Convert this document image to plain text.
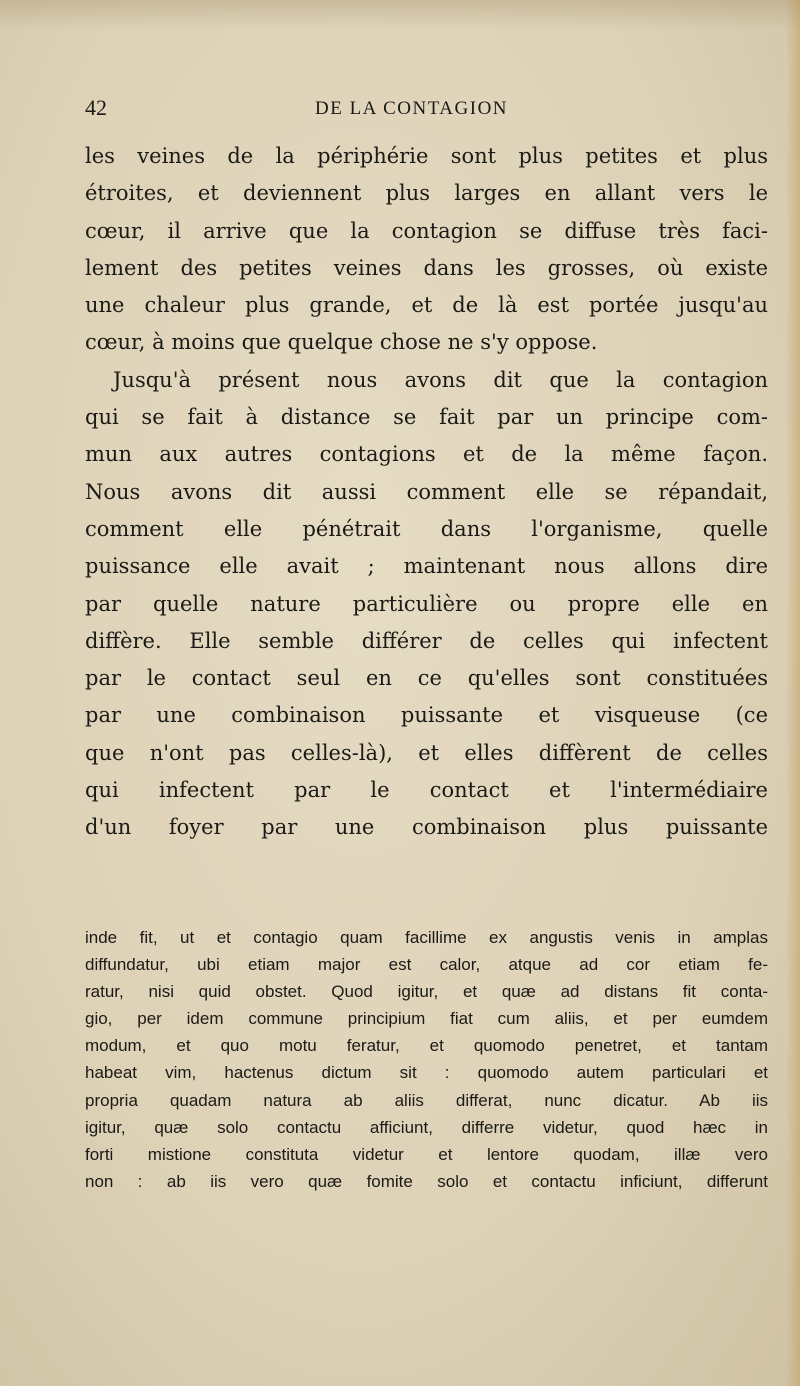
42	DE LA CONTAGION
les veines de la périphérie sont plus petites et plus
étroites, et deviennent plus larges en allant vers le
cœur, il arrive que la contagion se diffuse très faci-
lement des petites veines dans les grosses, où existe
une chaleur plus grande, et de là est portée jusqu'au
cœur, à moins que quelque chose ne s'y oppose.
Jusqu'à présent nous avons dit que la contagion
qui se fait à distance se fait par un principe com-
mun aux autres contagions et de la même façon.
Nous avons dit aussi comment elle se répandait,
comment elle pénétrait dans l'organisme, quelle
puissance elle avait ; maintenant nous allons dire
par quelle nature particulière ou propre elle en
diffère. Elle semble différer de celles qui infectent
par le contact seul en ce qu'elles sont constituées
par une combinaison puissante et visqueuse (ce
que n'ont pas celles-là), et elles diffèrent de celles
qui infectent par le contact et l'intermédiaire
d'un foyer par une combinaison plus puissante
inde fit, ut et contagio quam facillime ex angustis venis in amplas
diffundatur, ubi etiam major est calor, atque ad cor etiam fe-
ratur, nisi quid obstet. Quod igitur, et quæ ad distans fit conta-
gio, per idem commune principium fiat cum aliis, et per eumdem
modum, et quo motu feratur, et quomodo penetret, et tantam
habeat vim, hactenus dictum sit : quomodo autem particulari et
propria quadam natura ab aliis differat, nunc dicatur. Ab iis
igitur, quæ solo contactu afficiunt, differre videtur, quod hæc in
forti mistione constituta videtur et lentore quodam, illæ vero
non : ab iis vero quæ fomite solo et contactu inficiunt, differunt
